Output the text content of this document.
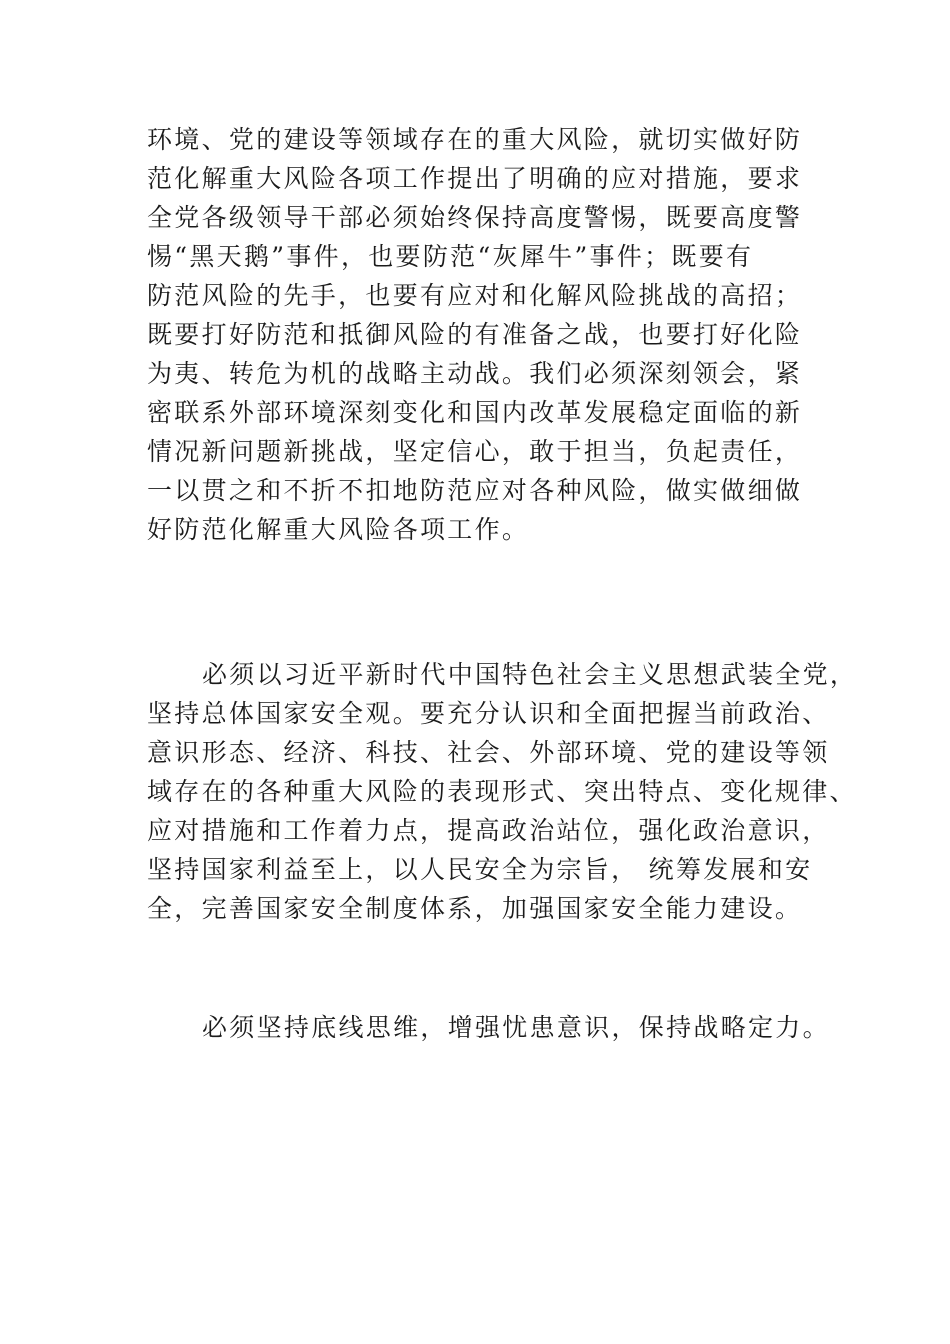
环境、党的建设等领域存在的重大风险，就切实做好防
范化解重大风险各项工作提出了明确的应对措施，要求
全党各级领导干部必须始终保持高度警惕，既要高度警
惕“黑天鹅”事件，也要防范“灰犀牛”事件；既要有
防范风险的先手，也要有应对和化解风险挑战的高招；
既要打好防范和抵御风险的有准备之战，也要打好化险
为夷、转危为机的战略主动战。我们必须深刻领会，紧
密联系外部环境深刻变化和国内改革发展稳定面临的新
情况新问题新挑战，坚定信心，敢于担当，负起责任，
一以贯之和不折不扣地防范应对各种风险，做实做细做
好防范化解重大风险各项工作。
必须以习近平新时代中国特色社会主义思想武装全党，
坚持总体国家安全观。要充分认识和全面把握当前政治、
意识形态、经济、科技、社会、外部环境、党的建设等领
域存在的各种重大风险的表现形式、突出特点、变化规律、
应对措施和工作着力点，提高政治站位，强化政治意识，
坚持国家利益至上，以人民安全为宗旨， 统筹发展和安
全，完善国家安全制度体系，加强国家安全能力建设。
必须坚持底线思维，增强忧患意识，保持战略定力。
